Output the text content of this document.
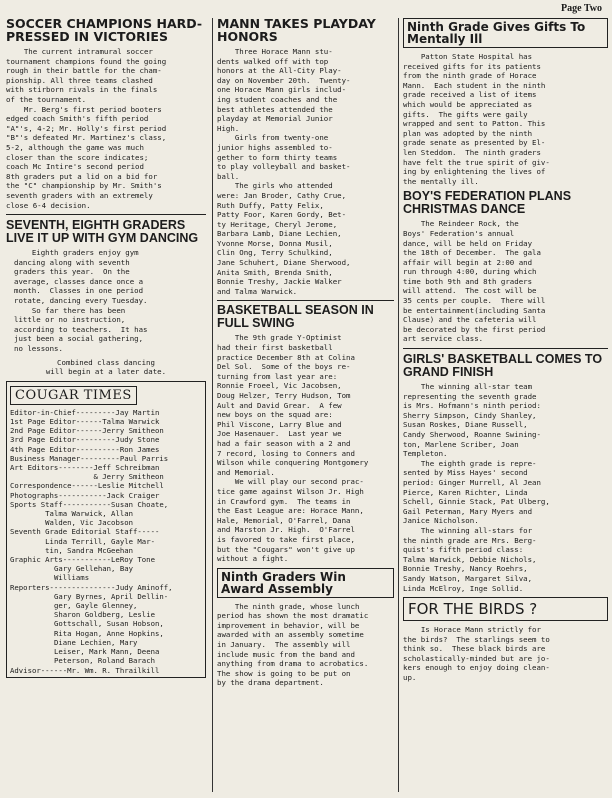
Page Two
SOCCER CHAMPIONS HARD-PRESSED IN VICTORIES

The current intramural soccer
tournament champions found the going
rough in their battle for the cham-
pionship. All three teams clashed
with stirborn rivals in the finals
of the tournament.
Mr. Berg's first period booters
edged coach Smith's fifth period
"A"'s, 4-2; Mr. Holly's first period
"B"'s defeated Mr. Martinez's class,
5-2, although the game was much
closer than the score indicates;
coach Mc Intire's second period
8th graders put a lid on a bid for
the "C" championship by Mr. Smith's
seventh graders with an extremely
close 6-4 decision.

SEVENTH, EIGHTH GRADERS LIVE IT UP WITH GYM DANCING

Eighth graders enjoy gym
dancing along with seventh
graders this year.  On the
average, classes dance once a
month.  Classes in one period
rotate, dancing every Tuesday.
So far there has been
little or no instruction,
according to teachers.  It has
just been a social gathering,
no lessons.

Combined class dancing
will begin at a later date.

COUGAR TIMES

Editor-in-Chief---------Jay Martin
1st Page Editor------Talma Warwick
2nd Page Editor------Jerry Smitheon
3rd Page Editor---------Judy Stone
4th Page Editor----------Ron James
Business Manager---------Paul Parris
Art Editors--------Jeff Schreibman
& Jerry Smitheon
Correspondence------Leslie Mitchell
Photographs-----------Jack Craiger
Sports Staff-----------Susan Choate,
Talma Warwick, Allan
Walden, Vic Jacobson
Seventh Grade Editorial Staff-----
Linda Terrill, Gayle Mar-
tin, Sandra McGeehan
Graphic Arts-----------LeRoy Tone
Gary Gellehan, Bay
Williams
Reporters---------------Judy Aminoff,
Gary Byrnes, April Dellin-
ger, Gayle Glenney,
Sharon Goldberg, Leslie
Gottschall, Susan Hobson,
Rita Hogan, Anne Hopkins,
Diane Lechien, Mary
Leiser, Mark Mann, Deena
Peterson, Roland Barach
Advisor------Mr. Wm. R. Thrailkill

MANN TAKES PLAYDAY HONORS

Three Horace Mann stu-
dents walked off with top
honors at the All-City Play-
day on November 20th.  Twenty-
one Horace Mann girls includ-
ing student coaches and the
best athletes attended the
playday at Memorial Junior
High.
Girls from twenty-one
junior highs assembled to-
gether to form thirty teams
to play volleyball and basket-
ball.
The girls who attended
were: Jan Broder, Cathy Crue,
Ruth Duffy, Patty Felix,
Patty Foor, Karen Gordy, Bet-
ty Heritage, Cheryl Jerome,
Barbara Lamb, Diane Lechien,
Yvonne Morse, Donna Musil,
Clin Ong, Terry Schulkind,
Jane Schuhert, Diane Sherwood,
Anita Smith, Brenda Smith,
Bonnie Treshy, Jackie Walker
and Talma Warwick.

BASKETBALL SEASON IN FULL SWING

The 9th grade Y-Optimist
had their first basketball
practice December 8th at Colina
Del Sol.  Some of the boys re-
turning from last year are:
Ronnie Froeel, Vic Jacobsen,
Doug Helzer, Terry Hudson, Tom
Ault and David Grear.  A few
new boys on the squad are:
Phil Viscone, Larry Blue and
Joe Hasenauer.  Last year we
had a fair season with a 2 and
7 record, losing to Conners and
Wilson while conquering Montgomery
and Memorial.
We will play our second prac-
tice game against Wilson Jr. High
in Crawford gym.  The teams in
the East League are: Horace Mann,
Hale, Memorial, O'Farrel, Dana
and Marston Jr. High.  O'Farrel
is favored to take first place,
but the "Cougars" won't give up
without a fight.

Ninth Graders Win Award Assembly

The ninth grade, whose lunch
period has shown the most dramatic
improvement in behavior, will be
awarded with an assembly sometime
in January.  The assembly will
include music from the band and
anything from drama to acrobatics.
The show is going to be put on
by the drama department.

Ninth Grade Gives Gifts To Mentally Ill

Patton State Hospital has
received gifts for its patients
from the ninth grade of Horace
Mann.  Each student in the ninth
grade received a list of items
which would be appreciated as
gifts.  The gifts were gaily
wrapped and sent to Patton. This
plan was adopted by the ninth
grade senate as presented by El-
len Steddom.  The ninth graders
have felt the true spirit of giv-
ing by enlightening the lives of
the mentally ill.

BOY'S FEDERATION PLANS CHRISTMAS DANCE

The Reindeer Rock, the
Boys' Federation's annual
dance, will be held on Friday
the 18th of December.  The gala
affair will begin at 2:00 and
run through 4:00, during which
time both 9th and 8th graders
will attend.  The cost will be
35 cents per couple.  There will
be entertainment(including Santa
Clause) and the cafeteria will
be decorated by the first period
art service class.

GIRLS' BASKETBALL COMES TO GRAND FINISH

The winning all-star team
representing the seventh grade
is Mrs. Hofmann's ninth period:
Sherry Simpson, Cindy Shanley,
Susan Roskes, Diane Russell,
Candy Sherwood, Roanne Swining-
ton, Marlene Scriber, Joan
Templeton.
The eighth grade is repre-
sented by Miss Hayes' second
period: Ginger Murrell, Al Jean
Pierce, Karen Richter, Linda
Schell, Ginnie Stack, Pat Ulberg,
Gail Peterman, Mary Myers and
Janice Nicholson.
The winning all-stars for
the ninth grade are Mrs. Berg-
quist's fifth period class:
Talma Warwick, Debbie Nichols,
Bonnie Treshy, Nancy Roehrs,
Sandy Watson, Margaret Silva,
Linda McElroy, Inge Sollid.

FOR THE BIRDS ?

Is Horace Mann strictly for
the birds?  The starlings seem to
think so.  These black birds are
scholastically-minded but are jo-
kers enough to enjoy doing clean-
up.
